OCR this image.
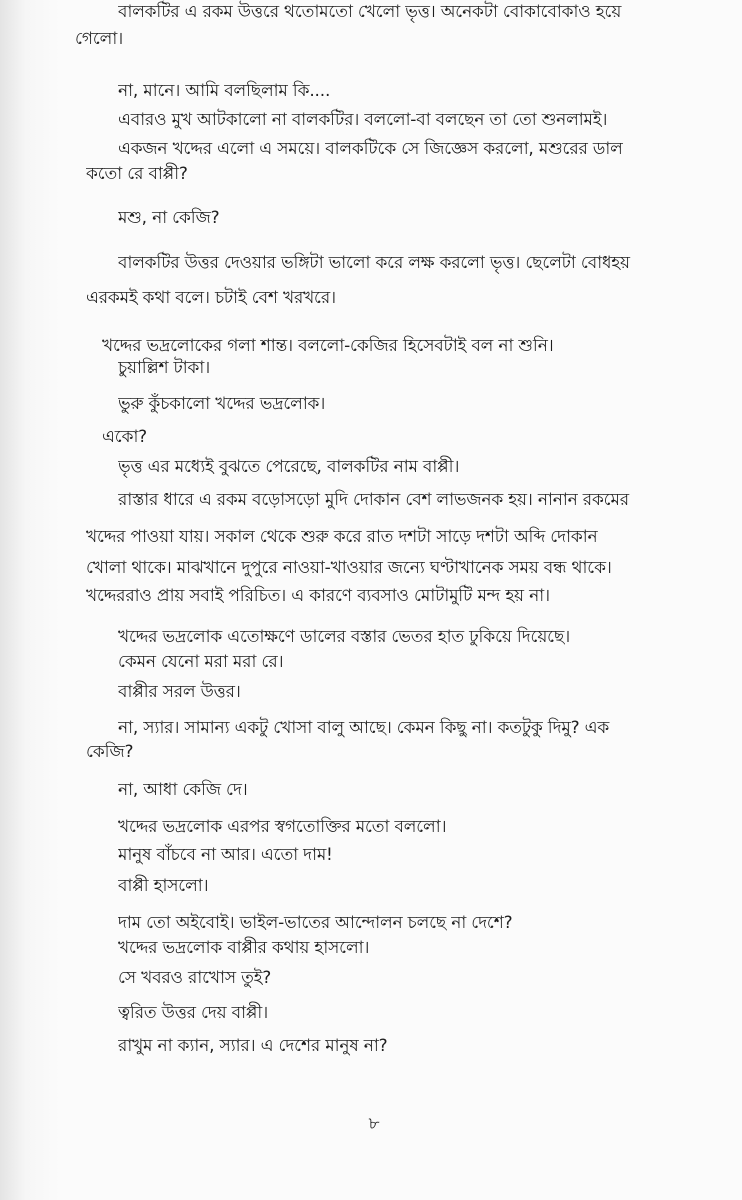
বালকটির এ রকম উত্তরে থতোমতো খেলো ভৃত্ত। অনেকটা বোকাবোকাও হয়ে
গেলো।
না, মানে। আমি বলছিলাম কি....
এবারও মুখ আটকালো না বালকটির। বললো-বা বলছেন তা তো শুনলামই।
একজন খদ্দের এলো এ সময়ে। বালকটিকে সে জিজ্ঞেস করলো, মশুরের ডাল
কতো রে বাপ্পী?
মশু, না কেজি?
বালকটির উত্তর দেওয়ার ভঙ্গিটা ভালো করে লক্ষ করলো ভৃত্ত। ছেলেটা বোধহয়
এরকমই কথা বলে। চটাই বেশ খরখরে।
খদ্দের ভদ্রলোকের গলা শান্ত। বললো-কেজির হিসেবটাই বল না শুনি।
চুয়াল্লিশ টাকা।
ভুরু কুঁচকালো খদ্দের ভদ্রলোক।
একো?
ভৃত্ত এর মধ্যেই বুঝতে পেরেছে, বালকটির নাম বাপ্পী।
রাস্তার ধারে এ রকম বড়োসড়ো মুদি দোকান বেশ লাভজনক হয়। নানান রকমের
খদ্দের পাওয়া যায়। সকাল থেকে শুরু করে রাত দশটা সাড়ে দশটা অব্দি দোকান
খোলা থাকে। মাঝখানে দুপুরে নাওয়া-খাওয়ার জন্যে ঘণ্টাখানেক সময় বন্ধ থাকে।
খদ্দেররাও প্রায় সবাই পরিচিত। এ কারণে ব্যবসাও মোটামুটি মন্দ হয় না।
খদ্দের ভদ্রলোক এতোক্ষণে ডালের বস্তার ভেতর হাত ঢুকিয়ে দিয়েছে।
কেমন যেনো মরা মরা রে।
বাপ্পীর সরল উত্তর।
না, স্যার। সামান্য একটু খোসা বালু আছে। কেমন কিছু না। কতটুকু দিমু? এক
কেজি?
না, আধা কেজি দে।
খদ্দের ভদ্রলোক এরপর স্বগতোক্তির মতো বললো।
মানুষ বাঁচবে না আর। এতো দাম!
বাপ্পী হাসলো।
দাম তো অইবোই। ভাইল-ভাতের আন্দোলন চলছে না দেশে?
খদ্দের ভদ্রলোক বাপ্পীর কথায় হাসলো।
সে খবরও রাখোস তুই?
ত্বরিত উত্তর দেয় বাপ্পী।
রাখুম না ক্যান, স্যার। এ দেশের মানুষ না?
৮
